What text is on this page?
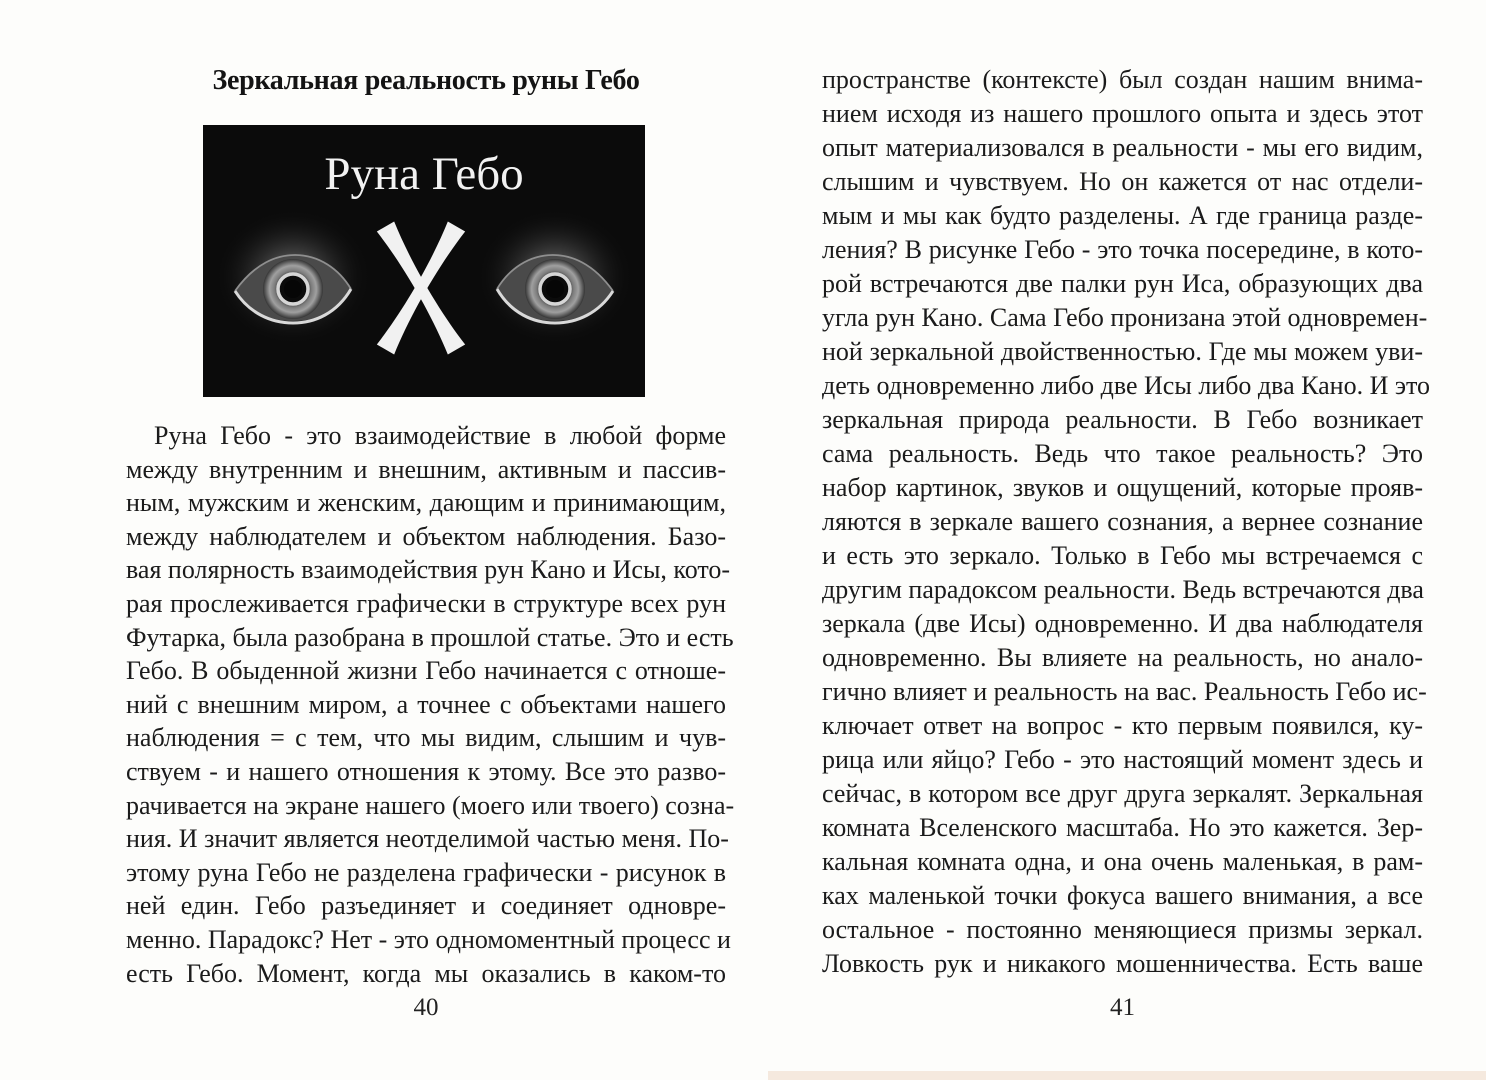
Зеркальная реальность руны Гебо
Руна Гебо
Руна Гебо - это взаимодействие в любой форме
между внутренним и внешним, активным и пассив-
ным, мужским и женским, дающим и принимающим,
между наблюдателем и объектом наблюдения. Базо-
вая полярность взаимодействия рун Кано и Исы, кото-
рая прослеживается графически в структуре всех рун
Футарка, была разобрана в прошлой статье. Это и есть
Гебо. В обыденной жизни Гебо начинается с отноше-
ний с внешним миром, а точнее с объектами нашего
наблюдения = с тем, что мы видим, слышим и чув-
ствуем - и нашего отношения к этому. Все это разво-
рачивается на экране нашего (моего или твоего) созна-
ния. И значит является неотделимой частью меня. По-
этому руна Гебо не разделена графически - рисунок в
ней един. Гебо разъединяет и соединяет одновре-
менно. Парадокс? Нет - это одномоментный процесс и
есть Гебо. Момент, когда мы оказались в каком-то
40
пространстве (контексте) был создан нашим внима-
нием исходя из нашего прошлого опыта и здесь этот
опыт материализовался в реальности - мы его видим,
слышим и чувствуем. Но он кажется от нас отдели-
мым и мы как будто разделены. А где граница разде-
ления? В рисунке Гебо - это точка посередине, в кото-
рой встречаются две палки рун Иса, образующих два
угла рун Кано. Сама Гебо пронизана этой одновремен-
ной зеркальной двойственностью. Где мы можем уви-
деть одновременно либо две Исы либо два Кано. И это
зеркальная природа реальности. В Гебо возникает
сама реальность. Ведь что такое реальность? Это
набор картинок, звуков и ощущений, которые прояв-
ляются в зеркале вашего сознания, а вернее сознание
и есть это зеркало. Только в Гебо мы встречаемся с
другим парадоксом реальности. Ведь встречаются два
зеркала (две Исы) одновременно. И два наблюдателя
одновременно. Вы влияете на реальность, но анало-
гично влияет и реальность на вас. Реальность Гебо ис-
ключает ответ на вопрос - кто первым появился, ку-
рица или яйцо? Гебо - это настоящий момент здесь и
сейчас, в котором все друг друга зеркалят. Зеркальная
комната Вселенского масштаба. Но это кажется. Зер-
кальная комната одна, и она очень маленькая, в рам-
ках маленькой точки фокуса вашего внимания, а все
остальное - постоянно меняющиеся призмы зеркал.
Ловкость рук и никакого мошенничества. Есть ваше
41
